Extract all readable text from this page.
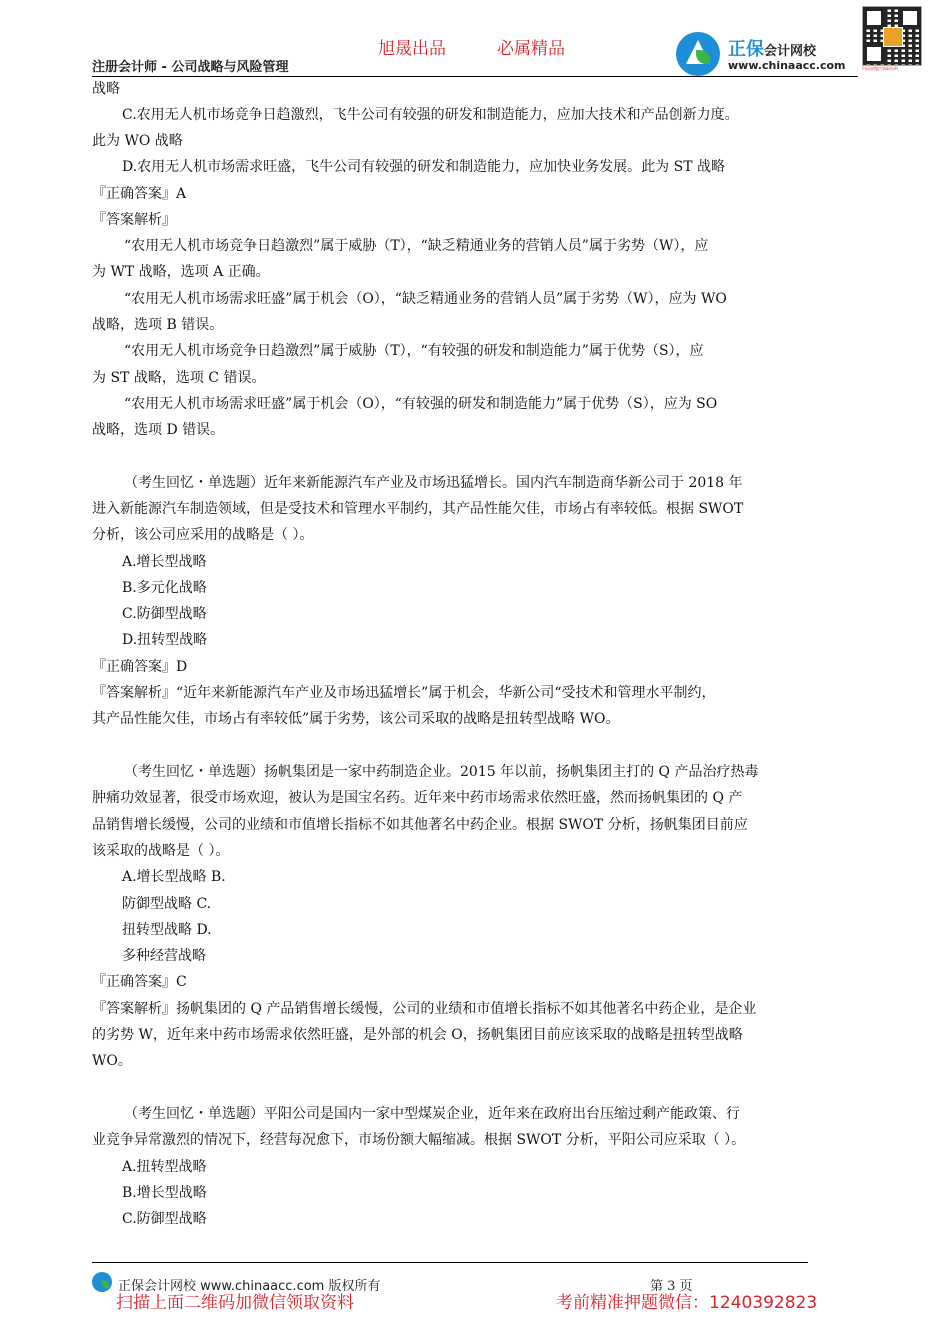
旭晟出品	必属精品
注册会计师 - 公司战略与风险管理
正保会计网校
www.chinaacc.com	扫码加微信领取资料
战略
C.农用无人机市场竞争日趋激烈，飞牛公司有较强的研发和制造能力，应加大技术和产品创新力度。
此为 WO 战略
D.农用无人机市场需求旺盛，飞牛公司有较强的研发和制造能力，应加快业务发展。此为 ST 战略
『正确答案』A
『答案解析』
“农用无人机市场竞争日趋激烈”属于威胁（T），“缺乏精通业务的营销人员”属于劣势（W），应
为 WT 战略，选项 A 正确。
“农用无人机市场需求旺盛”属于机会（O），“缺乏精通业务的营销人员”属于劣势（W），应为 WO
战略，选项 B 错误。
“农用无人机市场竞争日趋激烈”属于威胁（T），“有较强的研发和制造能力”属于优势（S），应
为 ST 战略，选项 C 错误。
“农用无人机市场需求旺盛”属于机会（O），“有较强的研发和制造能力”属于优势（S），应为 SO
战略，选项 D 错误。
（考生回忆・单选题）近年来新能源汽车产业及市场迅猛增长。国内汽车制造商华新公司于 2018 年
进入新能源汽车制造领域，但是受技术和管理水平制约，其产品性能欠佳，市场占有率较低。根据 SWOT
分析，该公司应采用的战略是（ ）。
A.增长型战略
B.多元化战略
C.防御型战略
D.扭转型战略
『正确答案』D
『答案解析』“近年来新能源汽车产业及市场迅猛增长”属于机会，华新公司“受技术和管理水平制约，
其产品性能欠佳，市场占有率较低”属于劣势，该公司采取的战略是扭转型战略 WO。
（考生回忆・单选题）扬帆集团是一家中药制造企业。2015 年以前，扬帆集团主打的 Q 产品治疗热毒
肿痛功效显著，很受市场欢迎，被认为是国宝名药。近年来中药市场需求依然旺盛，然而扬帆集团的 Q 产
品销售增长缓慢，公司的业绩和市值增长指标不如其他著名中药企业。根据 SWOT 分析，扬帆集团目前应
该采取的战略是（ ）。
A.增长型战略 B.
防御型战略 C.
扭转型战略 D.
多种经营战略
『正确答案』C
『答案解析』扬帆集团的 Q 产品销售增长缓慢，公司的业绩和市值增长指标不如其他著名中药企业，是企业
的劣势 W，近年来中药市场需求依然旺盛，是外部的机会 O，扬帆集团目前应该采取的战略是扭转型战略
WO。
（考生回忆・单选题）平阳公司是国内一家中型煤炭企业，近年来在政府出台压缩过剩产能政策、行
业竞争异常激烈的情况下，经营每况愈下，市场份额大幅缩减。根据 SWOT 分析，平阳公司应采取（ ）。
A.扭转型战略
B.增长型战略
C.防御型战略
正保会计网校 www.chinaacc.com 版权所有	第 3 页
扫描上面二维码加微信领取资料	考前精准押题微信：1240392823
